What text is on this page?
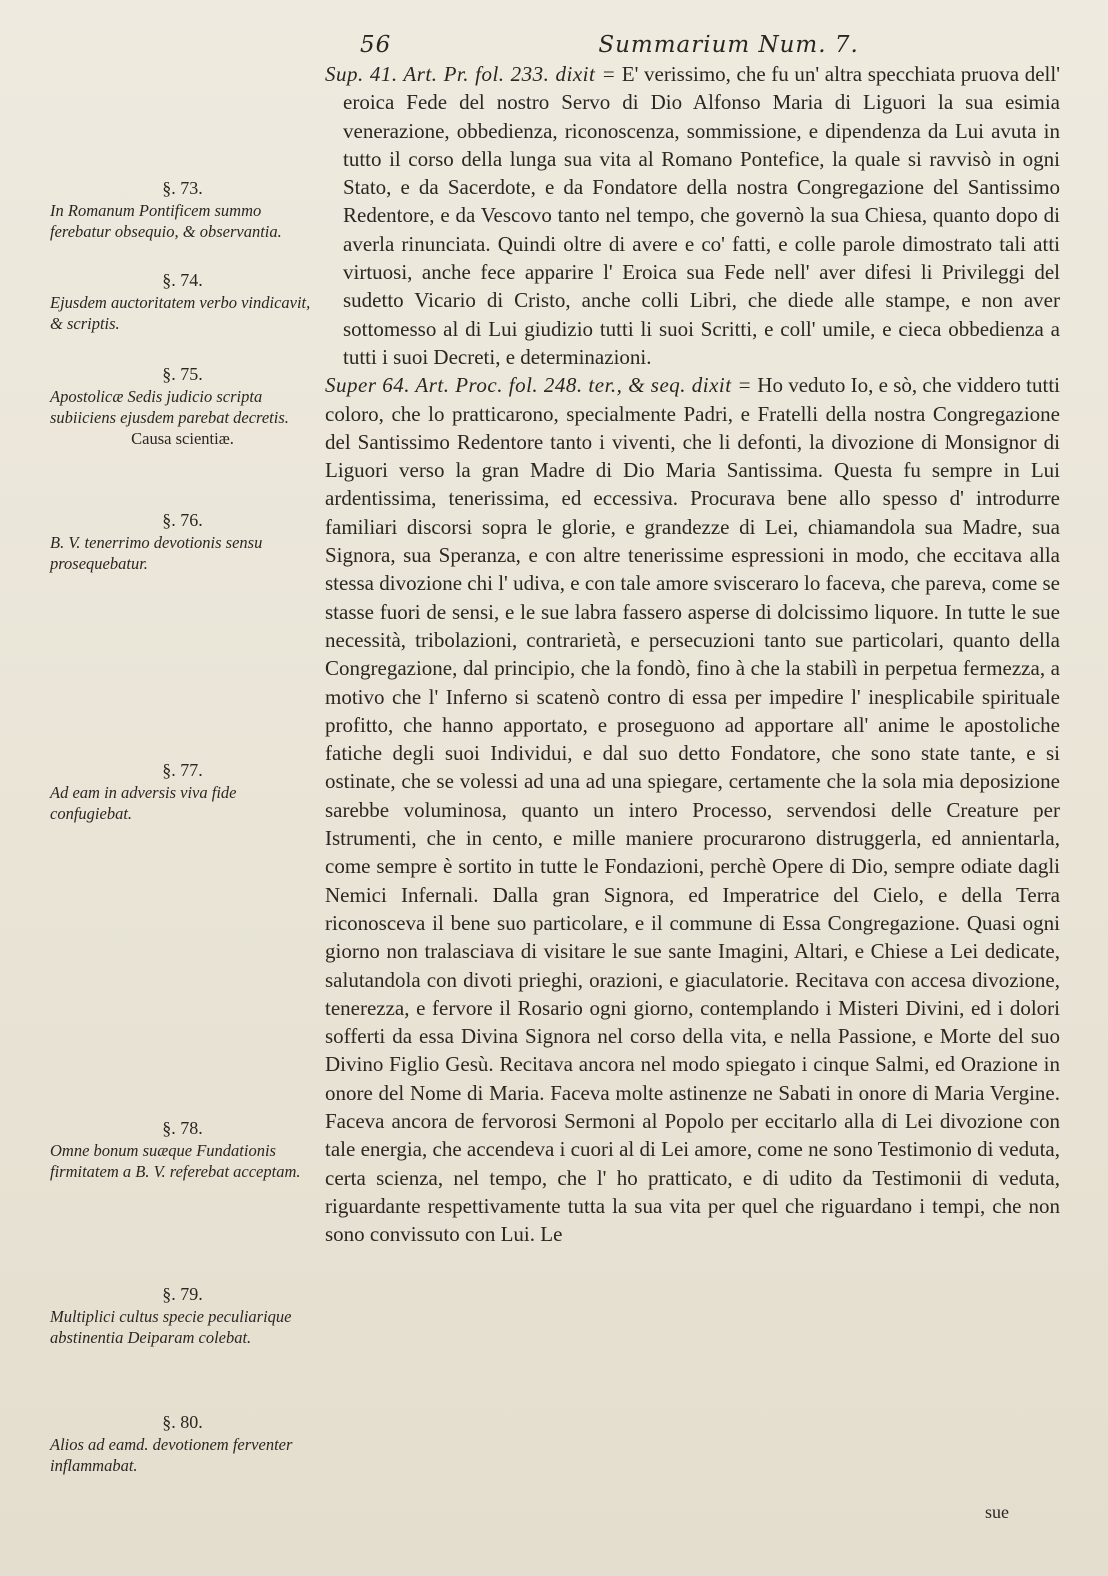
56	Summarium Num. 7.
§. 73.
In Romanum Pontificem summo ferebatur obsequio, & observantia.
§. 74.
Ejusdem auctoritatem verbo vindicavit, & scriptis.
§. 75.
Apostolicæ Sedis judicio scripta subiiciens ejusdem parebat decretis.
Causa scientiæ.
§. 76.
B. V. tenerrimo devotionis sensu prosequebatur.
§. 77.
Ad eam in adversis viva fide confugiebat.
§. 78.
Omne bonum suæque Fundationis firmitatem a B. V. referebat acceptam.
§. 79.
Multiplici cultus specie peculiarique abstinentia Deiparam colebat.
§. 80.
Alios ad eamd. devotionem ferventer inflammabat.

Sup. 41. Art. Pr. fol. 233. dixit = E' verissimo, che fu un' altra specchiata pruova dell' eroica Fede del nostro Servo di Dio Alfonso Maria di Liguori la sua esimia venerazione, obbedienza, riconoscenza, sommissione, e dipendenza da Lui avuta in tutto il corso della lunga sua vita al Romano Pontefice, la quale si ravvisò in ogni Stato, e da Sacerdote, e da Fondatore della nostra Congregazione del Santissimo Redentore, e da Vescovo tanto nel tempo, che governò la sua Chiesa, quanto dopo di averla rinunciata. Quindi oltre di avere e co' fatti, e colle parole dimostrato tali atti virtuosi, anche fece apparire l' Eroica sua Fede nell' aver difesi li Privileggi del sudetto Vicario di Cristo, anche colli Libri, che diede alle stampe, e non aver sottomesso al di Lui giudizio tutti li suoi Scritti, e coll' umile, e cieca obbedienza a tutti i suoi Decreti, e determinazioni.

Super 64. Art. Proc. fol. 248. ter., & seq. dixit = Ho veduto Io, e sò, che viddero tutti coloro, che lo pratticarono, specialmente Padri, e Fratelli della nostra Congregazione del Santissimo Redentore tanto i viventi, che li defonti, la divozione di Monsignor di Liguori verso la gran Madre di Dio Maria Santissima. Questa fu sempre in Lui ardentissima, tenerissima, ed eccessiva. Procurava bene allo spesso d' introdurre familiari discorsi sopra le glorie, e grandezze di Lei, chiamandola sua Madre, sua Signora, sua Speranza, e con altre tenerissime espressioni in modo, che eccitava alla stessa divozione chi l' udiva, e con tale amore svisceraro lo faceva, che pareva, come se stasse fuori de sensi, e le sue labra fassero asperse di dolcissimo liquore. In tutte le sue necessità, tribolazioni, contrarietà, e persecuzioni tanto sue particolari, quanto della Congregazione, dal principio, che la fondò, fino à che la stabilì in perpetua fermezza, a motivo che l' Inferno si scatenò contro di essa per impedire l' inesplicabile spirituale profitto, che hanno apportato, e proseguono ad apportare all' anime le apostoliche fatiche degli suoi Individui, e dal suo detto Fondatore, che sono state tante, e si ostinate, che se volessi ad una ad una spiegare, certamente che la sola mia deposizione sarebbe voluminosa, quanto un intero Processo, servendosi delle Creature per Istrumenti, che in cento, e mille maniere procurarono distruggerla, ed annientarla, come sempre è sortito in tutte le Fondazioni, perchè Opere di Dio, sempre odiate dagli Nemici Infernali. Dalla gran Signora, ed Imperatrice del Cielo, e della Terra riconosceva il bene suo particolare, e il commune di Essa Congregazione. Quasi ogni giorno non tralasciava di visitare le sue sante Imagini, Altari, e Chiese a Lei dedicate, salutandola con divoti prieghi, orazioni, e giaculatorie. Recitava con accesa divozione, tenerezza, e fervore il Rosario ogni giorno, contemplando i Misteri Divini, ed i dolori sofferti da essa Divina Signora nel corso della vita, e nella Passione, e Morte del suo Divino Figlio Gesù. Recitava ancora nel modo spiegato i cinque Salmi, ed Orazione in onore del Nome di Maria. Faceva molte astinenze ne Sabati in onore di Maria Vergine. Faceva ancora de fervorosi Sermoni al Popolo per eccitarlo alla di Lei divozione con tale energia, che accendeva i cuori al di Lei amore, come ne sono Testimonio di veduta, certa scienza, nel tempo, che l' ho pratticato, e di udito da Testimonii di veduta, riguardante respettivamente tutta la sua vita per quel che riguardano i tempi, che non sono convissuto con Lui. Le

sue
